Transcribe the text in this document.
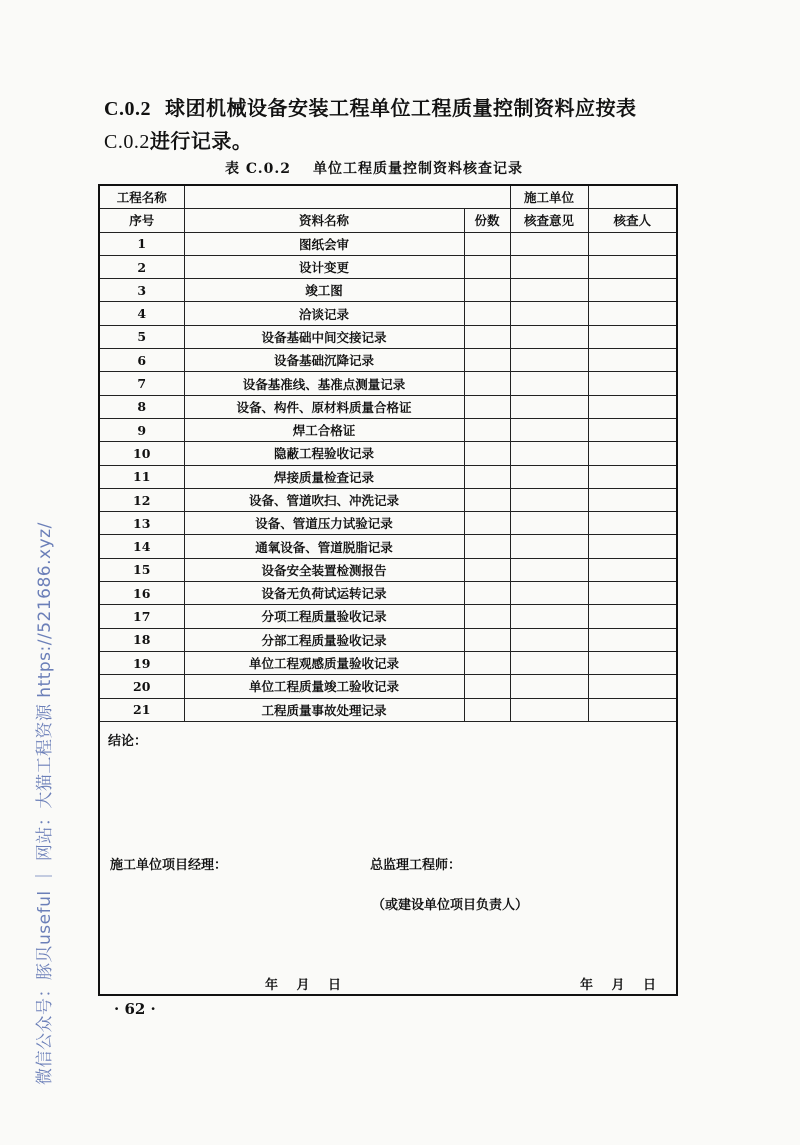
C.0.2 球团机械设备安装工程单位工程质量控制资料应按表
C.0.2进行记录。
表 C.0.2 单位工程质量控制资料核查记录
工程名称			施工单位	
序号	资料名称	份数	核查意见	核查人
1	图纸会审			
2	设计变更			
3	竣工图			
4	洽谈记录			
5	设备基础中间交接记录			
6	设备基础沉降记录			
7	设备基准线、基准点测量记录			
8	设备、构件、原材料质量合格证			
9	焊工合格证			
10	隐蔽工程验收记录			
11	焊接质量检查记录			
12	设备、管道吹扫、冲洗记录			
13	设备、管道压力试验记录			
14	通氧设备、管道脱脂记录			
15	设备安全装置检测报告			
16	设备无负荷试运转记录			
17	分项工程质量验收记录			
18	分部工程质量验收记录			
19	单位工程观感质量验收记录			
20	单位工程质量竣工验收记录			
21	工程质量事故处理记录			
结论：
施工单位项目经理：	总监理工程师：
（或建设单位项目负责人）
年 月 日	年 月 日
· 62 ·
微信公众号：豚贝useful ｜ 网站：大猫工程资源 https://521686.xyz/
